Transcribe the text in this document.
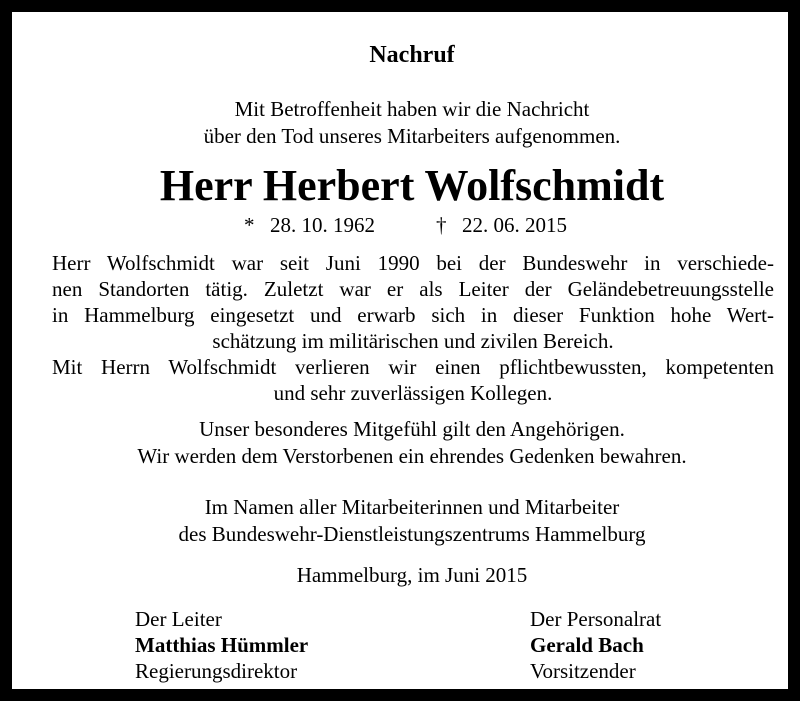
Nachruf
Mit Betroffenheit haben wir die Nachricht
über den Tod unseres Mitarbeiters aufgenommen.
Herr Herbert Wolfschmidt
* 28. 10. 1962	† 22. 06. 2015
Herr Wolfschmidt war seit Juni 1990 bei der Bundeswehr in verschiede-
nen Standorten tätig. Zuletzt war er als Leiter der Geländebetreuungsstelle
in Hammelburg eingesetzt und erwarb sich in dieser Funktion hohe Wert-
schätzung im militärischen und zivilen Bereich.
Mit Herrn Wolfschmidt verlieren wir einen pflichtbewussten, kompetenten
und sehr zuverlässigen Kollegen.
Unser besonderes Mitgefühl gilt den Angehörigen.
Wir werden dem Verstorbenen ein ehrendes Gedenken bewahren.
Im Namen aller Mitarbeiterinnen und Mitarbeiter
des Bundeswehr-Dienstleistungszentrums Hammelburg
Hammelburg, im Juni 2015
Der Leiter
Matthias Hümmler
Regierungsdirektor
Der Personalrat
Gerald Bach
Vorsitzender
